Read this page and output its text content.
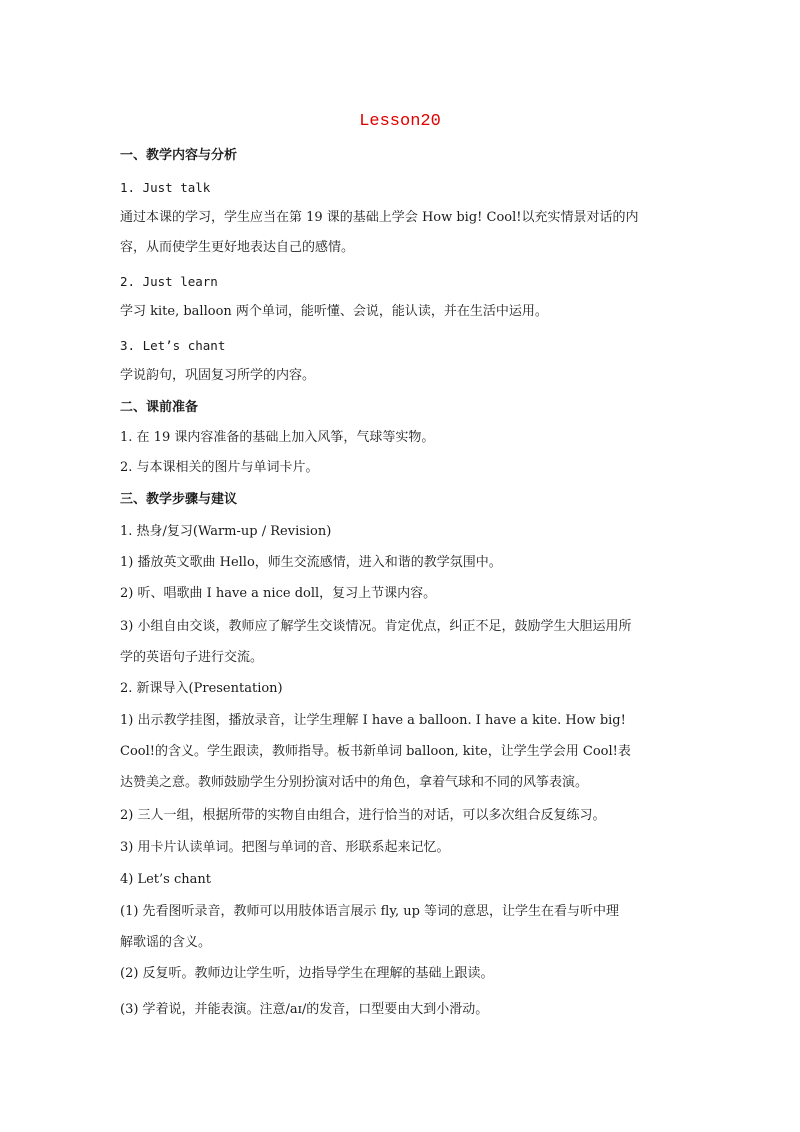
Lesson20
一、教学内容与分析
1. Just talk
通过本课的学习，学生应当在第 19 课的基础上学会 How big! Cool!以充实情景对话的内
容，从而使学生更好地表达自己的感情。
2. Just learn
学习 kite, balloon 两个单词，能听懂、会说，能认读，并在生活中运用。
3. Let’s chant
学说韵句，巩固复习所学的内容。
二、课前准备
1. 在 19 课内容准备的基础上加入风筝，气球等实物。
2. 与本课相关的图片与单词卡片。
三、教学步骤与建议
1. 热身/复习(Warm-up / Revision)
1) 播放英文歌曲 Hello，师生交流感情，进入和谐的教学氛围中。
2) 听、唱歌曲 I have a nice doll，复习上节课内容。
3) 小组自由交谈，教师应了解学生交谈情况。肯定优点，纠正不足，鼓励学生大胆运用所
学的英语句子进行交流。
2. 新课导入(Presentation)
1) 出示教学挂图，播放录音，让学生理解 I have a balloon. I have a kite. How big!
Cool!的含义。学生跟读，教师指导。板书新单词 balloon, kite，让学生学会用 Cool!表
达赞美之意。教师鼓励学生分别扮演对话中的角色，拿着气球和不同的风筝表演。
2) 三人一组，根据所带的实物自由组合，进行恰当的对话，可以多次组合反复练习。
3) 用卡片认读单词。把图与单词的音、形联系起来记忆。
4) Let’s chant
(1) 先看图听录音，教师可以用肢体语言展示 fly, up 等词的意思，让学生在看与听中理
解歌谣的含义。
(2) 反复听。教师边让学生听，边指导学生在理解的基础上跟读。
(3) 学着说，并能表演。注意/aɪ/的发音，口型要由大到小滑动。
